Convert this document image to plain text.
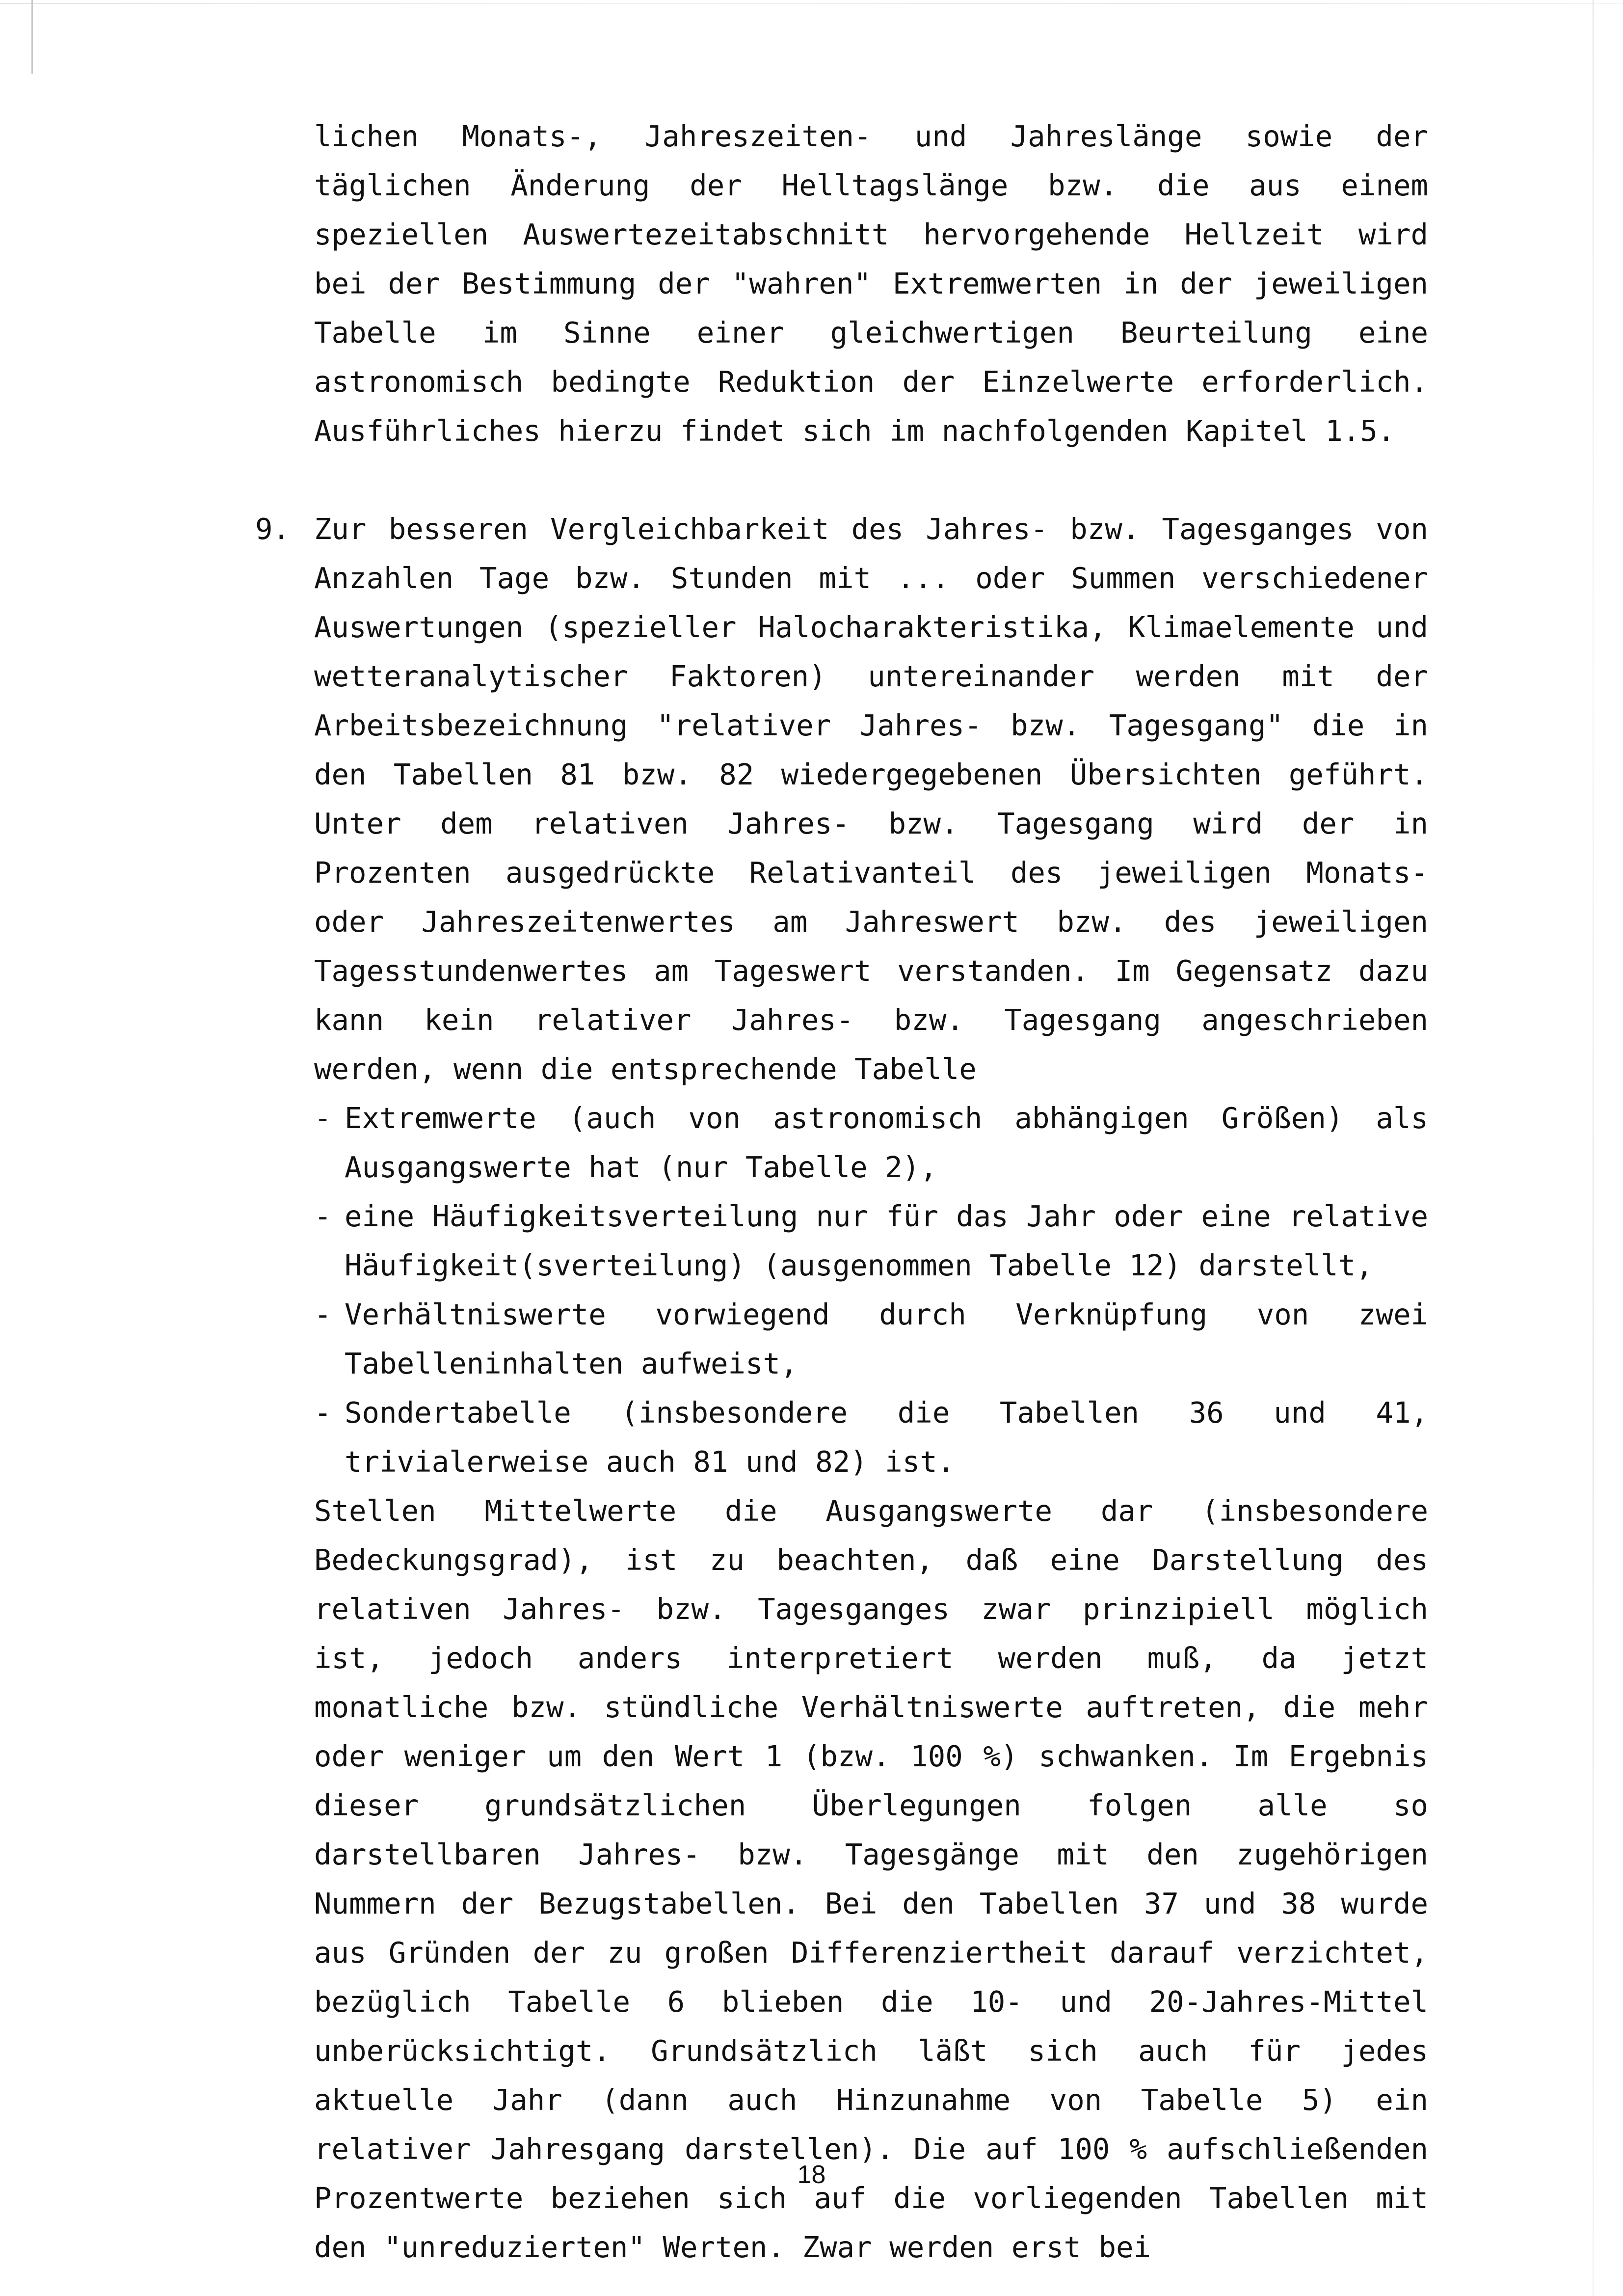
lichen Monats-, Jahreszeiten- und Jahreslänge sowie der täglichen Änderung der Helltagslänge bzw. die aus einem speziellen Auswertezeitabschnitt hervorgehende Hellzeit wird bei der Bestimmung der "wahren" Extremwerten in der jeweiligen Tabelle im Sinne einer gleichwertigen Beurteilung eine astronomisch bedingte Reduktion der Einzelwerte erforderlich. Ausführliches hierzu findet sich im nachfolgenden Kapitel 1.5.

9. Zur besseren Vergleichbarkeit des Jahres- bzw. Tagesganges von Anzahlen Tage bzw. Stunden mit ... oder Summen verschiedener Auswertungen (spezieller Halocharakteristika, Klimaelemente und wetteranalytischer Faktoren) untereinander werden mit der Arbeitsbezeichnung "relativer Jahres- bzw. Tagesgang" die in den Tabellen 81 bzw. 82 wiedergegebenen Übersichten geführt. Unter dem relativen Jahres- bzw. Tagesgang wird der in Prozenten ausgedrückte Relativanteil des jeweiligen Monats- oder Jahreszeitenwertes am Jahreswert bzw. des jeweiligen Tagesstundenwertes am Tageswert verstanden. Im Gegensatz dazu kann kein relativer Jahres- bzw. Tagesgang angeschrieben werden, wenn die entsprechende Tabelle

- Extremwerte (auch von astronomisch abhängigen Größen) als Ausgangswerte hat (nur Tabelle 2),
- eine Häufigkeitsverteilung nur für das Jahr oder eine relative Häufigkeit(sverteilung) (ausgenommen Tabelle 12) darstellt,
- Verhältniswerte vorwiegend durch Verknüpfung von zwei Tabelleninhalten aufweist,
- Sondertabelle (insbesondere die Tabellen 36 und 41, trivialerweise auch 81 und 82) ist.

Stellen Mittelwerte die Ausgangswerte dar (insbesondere Bedeckungsgrad), ist zu beachten, daß eine Darstellung des relativen Jahres- bzw. Tagesganges zwar prinzipiell möglich ist, jedoch anders interpretiert werden muß, da jetzt monatliche bzw. stündliche Verhältniswerte auftreten, die mehr oder weniger um den Wert 1 (bzw. 100 %) schwanken. Im Ergebnis dieser grundsätzlichen Überlegungen folgen alle so darstellbaren Jahres- bzw. Tagesgänge mit den zugehörigen Nummern der Bezugstabellen. Bei den Tabellen 37 und 38 wurde aus Gründen der zu großen Differenziertheit darauf verzichtet, bezüglich Tabelle 6 blieben die 10- und 20-Jahres-Mittel unberücksichtigt. Grundsätzlich läßt sich auch für jedes aktuelle Jahr (dann auch Hinzunahme von Tabelle 5) ein relativer Jahresgang darstellen). Die auf 100 % aufschließenden Prozentwerte beziehen sich auf die vorliegenden Tabellen mit den "unreduzierten" Werten. Zwar werden erst bei

18
